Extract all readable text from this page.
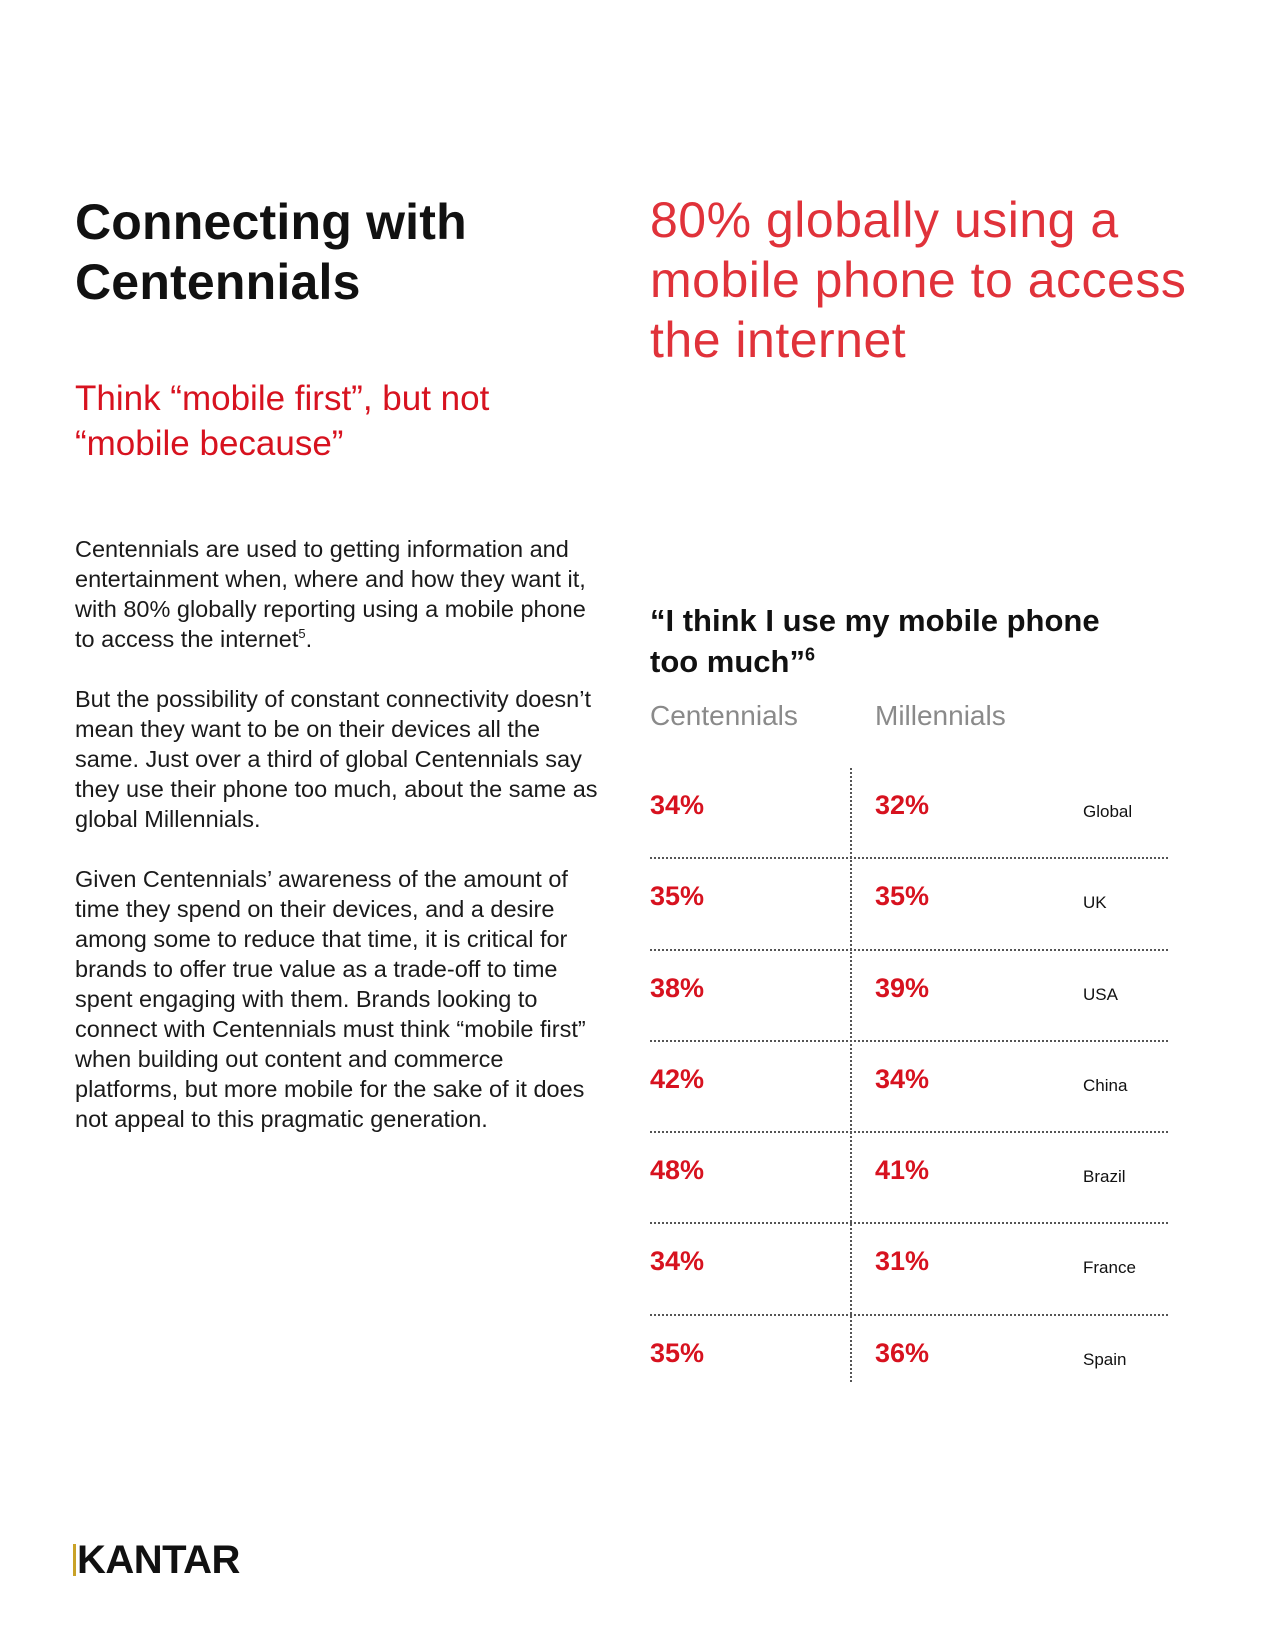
Connecting with Centennials
Think “mobile first”, but not “mobile because”
80% globally using a mobile phone to access the internet

Centennials are used to getting information and entertainment when, where and how they want it, with 80% globally reporting using a mobile phone to access the internet$^5$.

But the possibility of constant connectivity doesn’t mean they want to be on their devices all the same. Just over a third of global Centennials say they use their phone too much, about the same as global Millennials.

Given Centennials’ awareness of the amount of time they spend on their devices, and a desire among some to reduce that time, it is critical for brands to offer true value as a trade-off to time spent engaging with them. Brands looking to connect with Centennials must think “mobile first” when building out content and commerce platforms, but more mobile for the sake of it does not appeal to this pragmatic generation.

“I think I use my mobile phone too much”$^6$
Centennials	Millennials
34%	32%	Global
35%	35%	UK
38%	39%	USA
42%	34%	China
48%	41%	Brazil
34%	31%	France
35%	36%	Spain
KANTAR
